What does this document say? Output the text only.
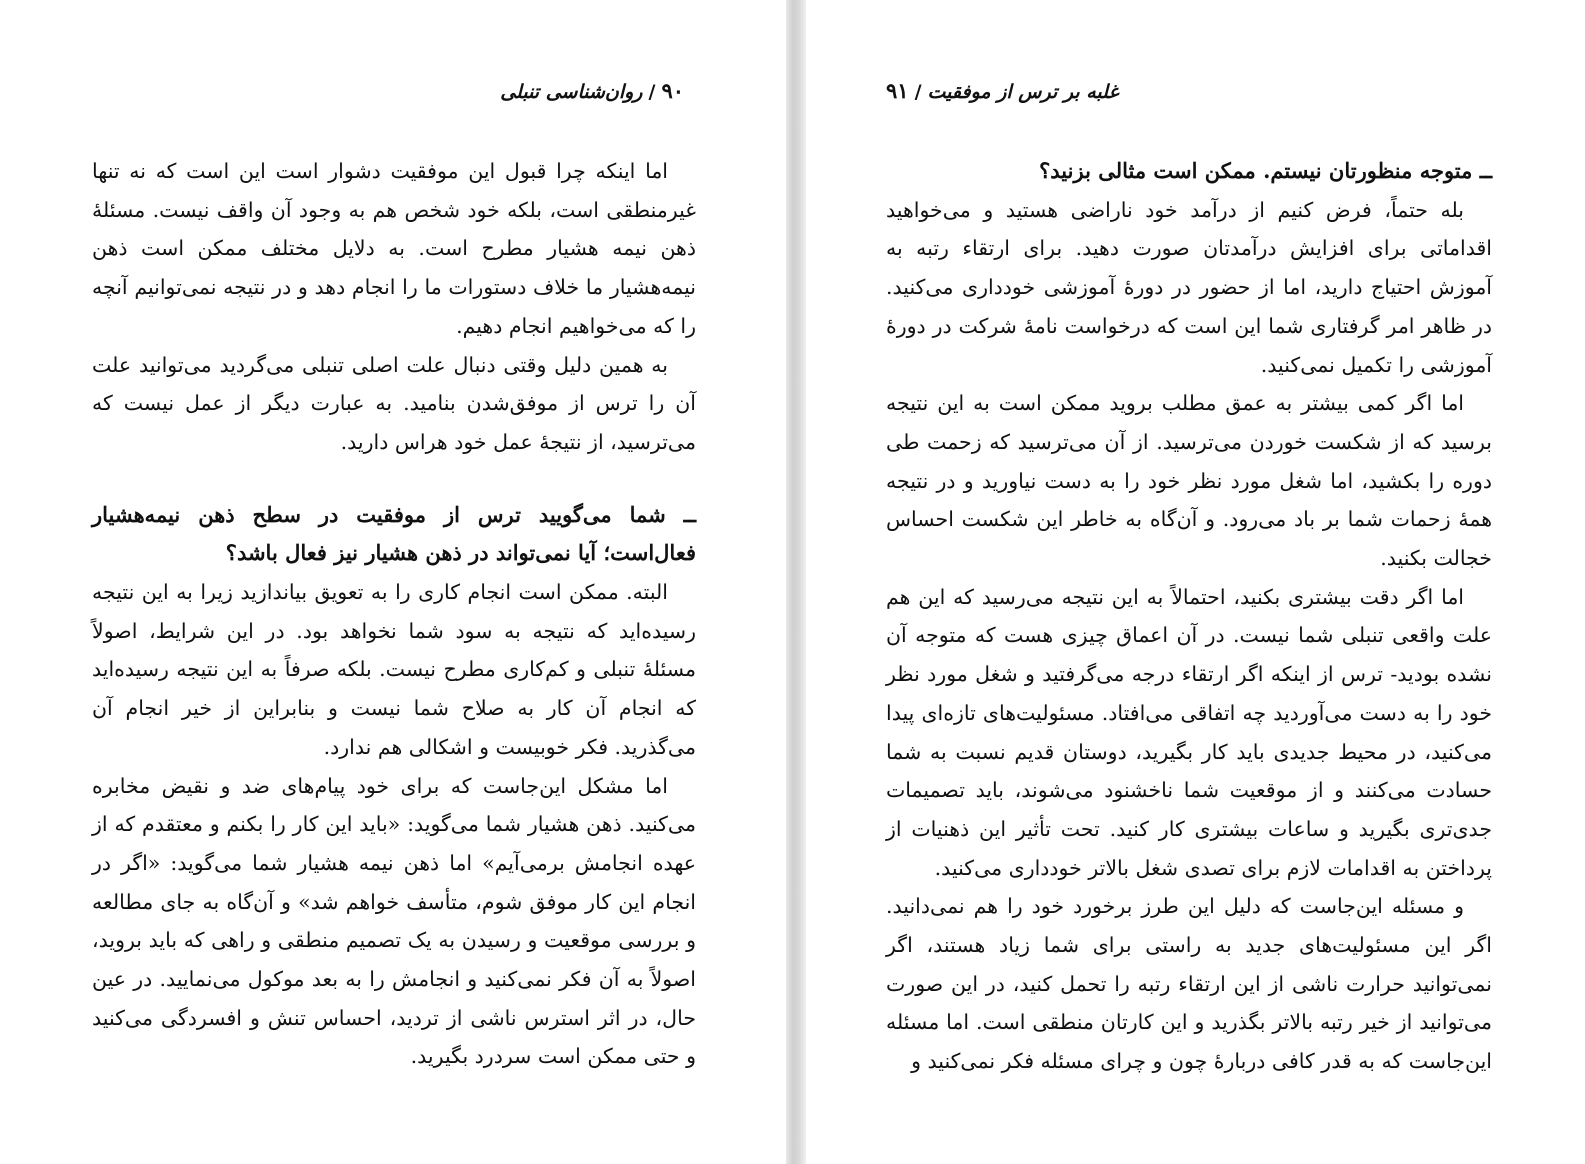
۹۰/روان‌شناسی تنبلی

اما اینکه چرا قبول این موفقیت دشوار است این است که نه تنها غیرمنطقی است، بلکه خود شخص هم به وجود آن واقف نیست. مسئلهٔ ذهن نیمه هشیار مطرح است. به دلایل مختلف ممکن است ذهن نیمه‌هشیار ما خلاف دستورات ما را انجام دهد و در نتیجه نمی‌توانیم آنچه را که می‌خواهیم انجام دهیم.

به همین دلیل وقتی دنبال علت اصلی تنبلی می‌گردید می‌توانید علت آن را ترس از موفق‌شدن بنامید. به عبارت دیگر از عمل نیست که می‌ترسید، از نتیجهٔ عمل خود هراس دارید.

ــ شما می‌گویید ترس از موفقیت در سطح ذهن نیمه‌هشیار فعال‌است؛ آیا نمی‌تواند در ذهن هشیار نیز فعال باشد؟

البته. ممکن است انجام کاری را به تعویق بیاندازید زیرا به این نتیجه رسیده‌اید که نتیجه به سود شما نخواهد بود. در این شرایط، اصولاً مسئلهٔ تنبلی و کم‌کاری مطرح نیست. بلکه صرفاً به این نتیجه رسیده‌اید که انجام آن کار به صلاح شما نیست و بنابراین از خیر انجام آن می‌گذرید. فکر خوبیست و اشکالی هم ندارد.

اما مشکل این‌جاست که برای خود پیام‌های ضد و نقیض مخابره می‌کنید. ذهن هشیار شما می‌گوید: «باید این کار را بکنم و معتقدم که از عهده انجامش برمی‌آیم» اما ذهن نیمه هشیار شما می‌گوید: «اگر در انجام این کار موفق شوم، متأسف خواهم شد» و آن‌گاه به جای مطالعه و بررسی موقعیت و رسیدن به یک تصمیم منطقی و راهی که باید بروید، اصولاً به آن فکر نمی‌کنید و انجامش را به بعد موکول می‌نمایید. در عین حال، در اثر استرس ناشی از تردید، احساس تنش و افسردگی می‌کنید و حتی ممکن است سردرد بگیرید.

غلبه بر ترس از موفقیت/۹۱

ــ متوجه منظورتان نیستم. ممکن است مثالی بزنید؟

بله حتماً، فرض کنیم از درآمد خود ناراضی هستید و می‌خواهید اقداماتی برای افزایش درآمدتان صورت دهید. برای ارتقاء رتبه به آموزش احتیاج دارید، اما از حضور در دورهٔ آموزشی خودداری می‌کنید. در ظاهر امر گرفتاری شما این است که درخواست نامهٔ شرکت در دورهٔ آموزشی را تکمیل نمی‌کنید.

اما اگر کمی بیشتر به عمق مطلب بروید ممکن است به این نتیجه برسید که از شکست خوردن می‌ترسید. از آن می‌ترسید که زحمت طی دوره را بکشید، اما شغل مورد نظر خود را به دست نیاورید و در نتیجه همهٔ زحمات شما بر باد می‌رود. و آن‌گاه به خاطر این شکست احساس خجالت بکنید.

اما اگر دقت بیشتری بکنید، احتمالاً به این نتیجه می‌رسید که این هم علت واقعی تنبلی شما نیست. در آن اعماق چیزی هست که متوجه آن نشده بودید‐ ترس از اینکه اگر ارتقاء درجه می‌گرفتید و شغل مورد نظر خود را به دست می‌آوردید چه اتفاقی می‌افتاد. مسئولیت‌های تازه‌ای پیدا می‌کنید، در محیط جدیدی باید کار بگیرید، دوستان قدیم نسبت به شما حسادت می‌کنند و از موقعیت شما ناخشنود می‌شوند، باید تصمیمات جدی‌تری بگیرید و ساعات بیشتری کار کنید. تحت تأثیر این ذهنیات از پرداختن به اقدامات لازم برای تصدی شغل بالاتر خودداری می‌کنید.

و مسئله این‌جاست که دلیل این طرز برخورد خود را هم نمی‌دانید. اگر این مسئولیت‌های جدید به راستی برای شما زیاد هستند، اگر نمی‌توانید حرارت ناشی از این ارتقاء رتبه را تحمل کنید، در این صورت می‌توانید از خیر رتبه بالاتر بگذرید و این کارتان منطقی است. اما مسئله این‌جاست که به قدر کافی دربارهٔ چون و چرای مسئله فکر نمی‌کنید و
